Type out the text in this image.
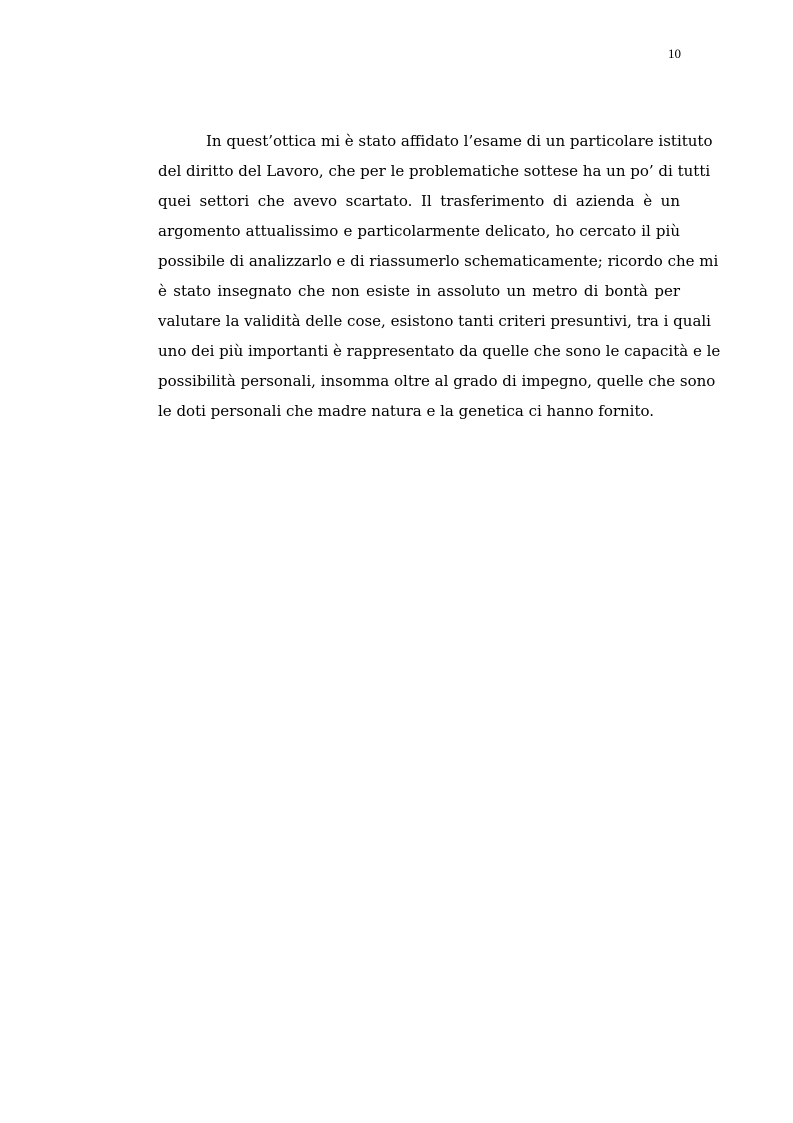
10
In quest’ottica mi è stato affidato l’esame di un particolare istituto
del diritto del Lavoro, che per le problematiche sottese ha un po’ di tutti
quei settori che avevo scartato. Il trasferimento di azienda è un
argomento attualissimo e particolarmente delicato, ho cercato il più
possibile di analizzarlo e di riassumerlo schematicamente; ricordo che mi
è stato insegnato che non esiste in assoluto un metro di bontà per
valutare la validità delle cose, esistono tanti criteri presuntivi, tra i quali
uno dei più importanti è rappresentato da quelle che sono le capacità e le
possibilità personali, insomma oltre al grado di impegno, quelle che sono
le doti personali che madre natura e la genetica ci hanno fornito.
